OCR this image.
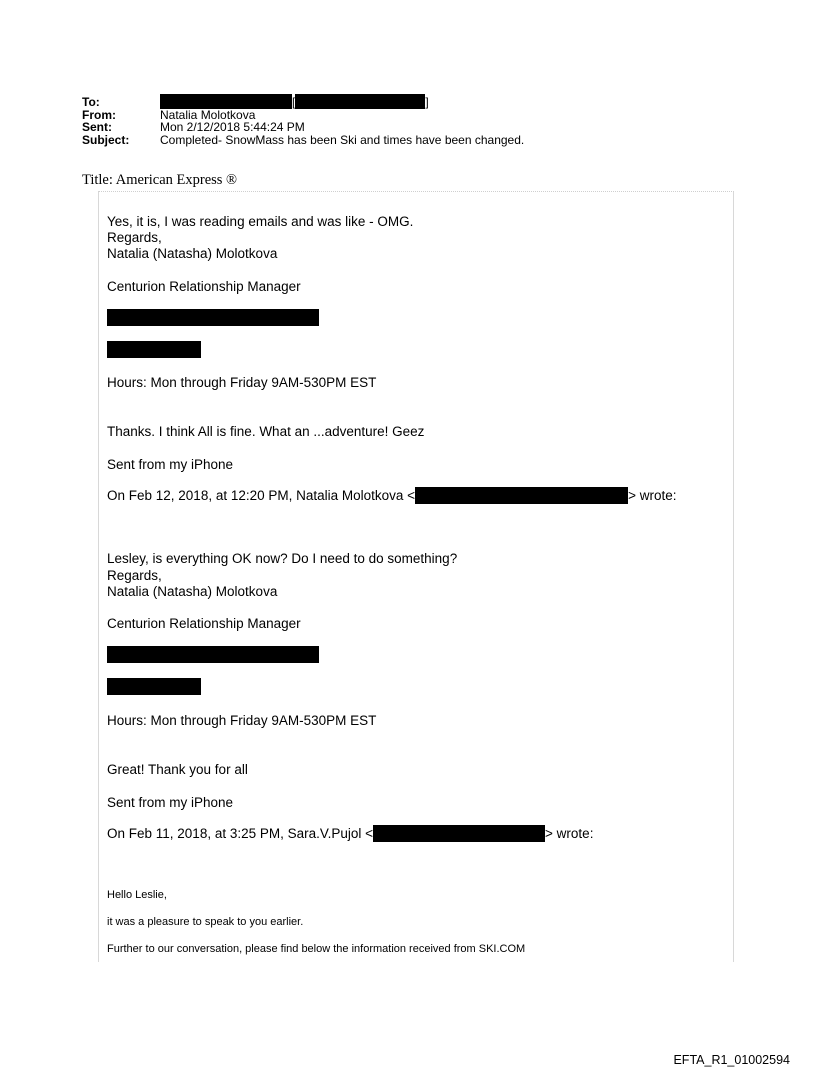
To:	[	]
From:	Natalia Molotkova
Sent:	Mon 2/12/2018 5:44:24 PM
Subject:	Completed- SnowMass has been Ski and times have been changed.
Title: American Express ®
Yes, it is, I was reading emails and was like - OMG.
Regards,
Natalia (Natasha) Molotkova
Centurion Relationship Manager
Hours: Mon through Friday 9AM-530PM EST
Thanks. I think All is fine. What an ...adventure! Geez
Sent from my iPhone
On Feb 12, 2018, at 12:20 PM, Natalia Molotkova <	> wrote:
Lesley, is everything OK now? Do I need to do something?
Regards,
Natalia (Natasha) Molotkova
Centurion Relationship Manager
Hours: Mon through Friday 9AM-530PM EST
Great! Thank you for all
Sent from my iPhone
On Feb 11, 2018, at 3:25 PM, Sara.V.Pujol <	> wrote:
Hello Leslie,
it was a pleasure to speak to you earlier.
Further to our conversation, please find below the information received from SKI.COM
EFTA_R1_01002594
